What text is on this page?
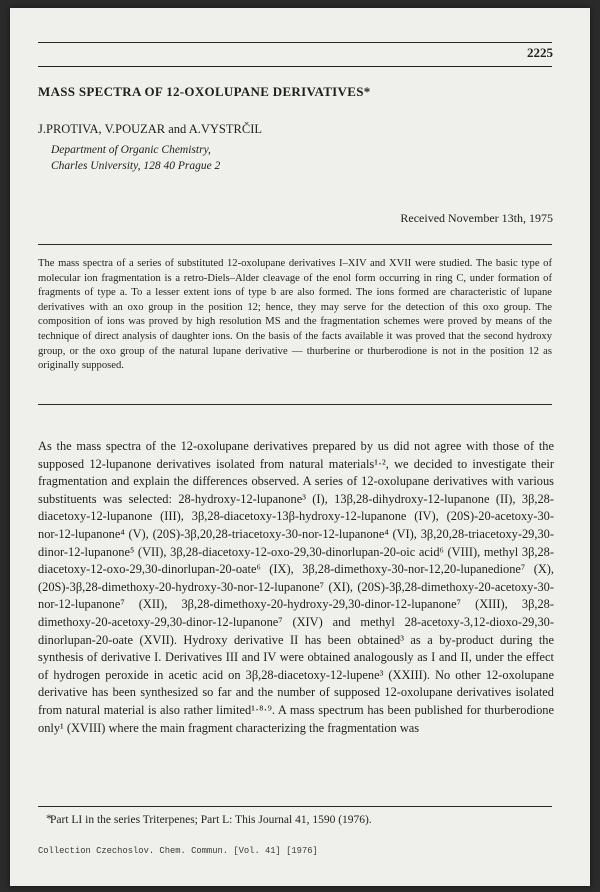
2225
MASS SPECTRA OF 12-OXOLUPANE DERIVATIVES*
J.PROTIVA, V.POUZAR and A.VYSTRČIL
Department of Organic Chemistry,
Charles University, 128 40 Prague 2
Received November 13th, 1975
The mass spectra of a series of substituted 12-oxolupane derivatives I–XIV and XVII were studied. The basic type of molecular ion fragmentation is a retro-Diels–Alder cleavage of the enol form occurring in ring C, under formation of fragments of type a. To a lesser extent ions of type b are also formed. The ions formed are characteristic of lupane derivatives with an oxo group in the position 12; hence, they may serve for the detection of this oxo group. The composition of ions was proved by high resolution MS and the fragmentation schemes were proved by means of the technique of direct analysis of daughter ions. On the basis of the facts available it was proved that the second hydroxy group, or the oxo group of the natural lupane derivative — thurberine or thurberodione is not in the position 12 as originally supposed.
As the mass spectra of the 12-oxolupane derivatives prepared by us did not agree with those of the supposed 12-lupanone derivatives isolated from natural materials¹·², we decided to investigate their fragmentation and explain the differences observed. A series of 12-oxolupane derivatives with various substituents was selected: 28-hydroxy-12-lupanone³ (I), 13β,28-dihydroxy-12-lupanone (II), 3β,28-diacetoxy-12-lupanone (III), 3β,28-diacetoxy-13β-hydroxy-12-lupanone (IV), (20S)-20-acetoxy-30-nor-12-lupanone⁴ (V), (20S)-3β,20,28-triacetoxy-30-nor-12-lupanone⁴ (VI), 3β,20,28-triacetoxy-29,30-dinor-12-lupanone⁵ (VII), 3β,28-diacetoxy-12-oxo-29,30-dinorlupan-20-oic acid⁶ (VIII), methyl 3β,28-diacetoxy-12-oxo-29,30-dinorlupan-20-oate⁶ (IX), 3β,28-dimethoxy-30-nor-12,20-lupanedione⁷ (X), (20S)-3β,28-dimethoxy-20-hydroxy-30-nor-12-lupanone⁷ (XI), (20S)-3β,28-dimethoxy-20-acetoxy-30-nor-12-lupanone⁷ (XII), 3β,28-dimethoxy-20-hydroxy-29,30-dinor-12-lupanone⁷ (XIII), 3β,28-dimethoxy-20-acetoxy-29,30-dinor-12-lupanone⁷ (XIV) and methyl 28-acetoxy-3,12-dioxo-29,30-dinorlupan-20-oate (XVII). Hydroxy derivative II has been obtained³ as a by-product during the synthesis of derivative I. Derivatives III and IV were obtained analogously as I and II, under the effect of hydrogen peroxide in acetic acid on 3β,28-diacetoxy-12-lupene³ (XXIII). No other 12-oxolupane derivative has been synthesized so far and the number of supposed 12-oxolupane derivatives isolated from natural material is also rather limited¹·⁸·⁹. A mass spectrum has been published for thurberodione only¹ (XVIII) where the main fragment characterizing the fragmentation was
*
Part LI in the series Triterpenes; Part L: This Journal 41, 1590 (1976).
Collection Czechoslov. Chem. Commun. [Vol. 41] [1976]
